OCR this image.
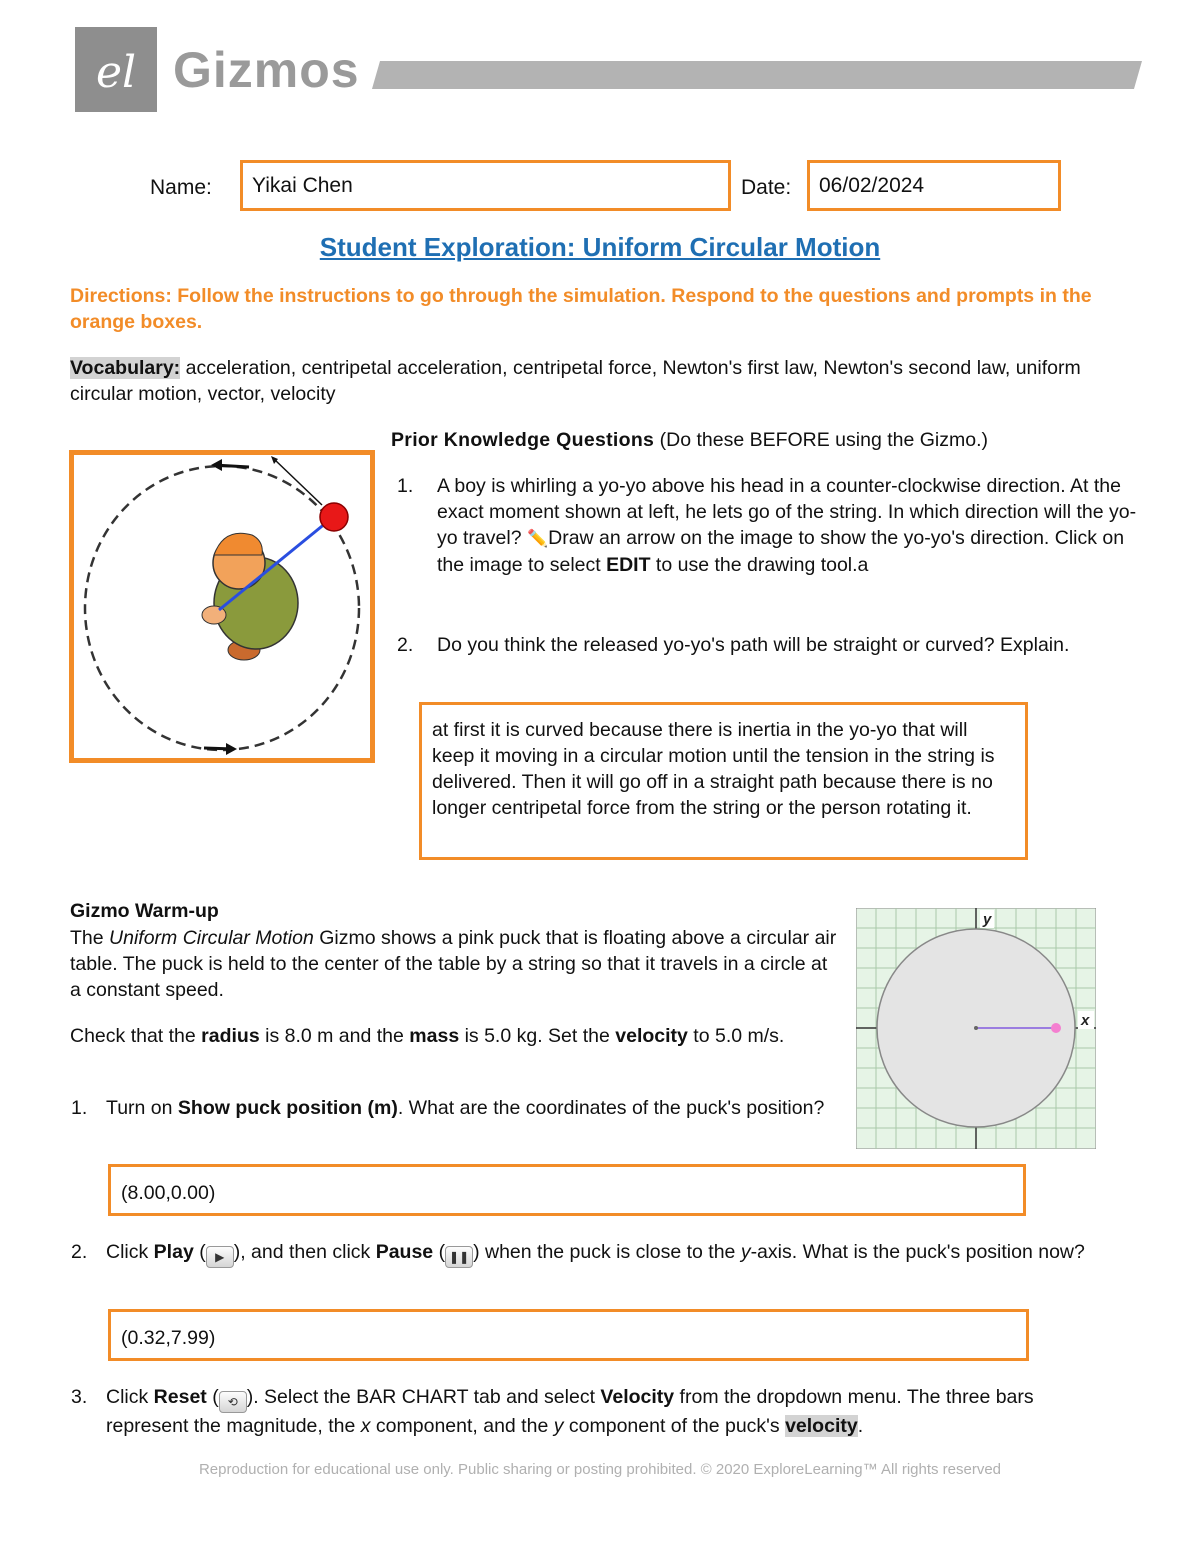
el Gizmos
Name:	Yikai Chen	Date:	06/02/2024
Student Exploration: Uniform Circular Motion
Directions: Follow the instructions to go through the simulation. Respond to the questions and prompts in the orange boxes.
Vocabulary: acceleration, centripetal acceleration, centripetal force, Newton's first law, Newton's second law, uniform circular motion, vector, velocity
Prior Knowledge Questions (Do these BEFORE using the Gizmo.)
1. A boy is whirling a yo-yo above his head in a counter-clockwise direction. At the exact moment shown at left, he lets go of the string. In which direction will the yo-yo travel? ✏️Draw an arrow on the image to show the yo-yo's direction. Click on the image to select EDIT to use the drawing tool.a
2. Do you think the released yo-yo's path will be straight or curved? Explain.
at first it is curved because there is inertia in the yo-yo that will keep it moving in a circular motion until the tension in the string is delivered. Then it will go off in a straight path because there is no longer centripetal force from the string or the person rotating it.
Gizmo Warm-up
The Uniform Circular Motion Gizmo shows a pink puck that is floating above a circular air table. The puck is held to the center of the table by a string so that it travels in a circle at a constant speed.
Check that the radius is 8.0 m and the mass is 5.0 kg. Set the velocity to 5.0 m/s.
y
x
1. Turn on Show puck position (m). What are the coordinates of the puck's position?
(8.00,0.00)
2. Click Play ( ▶ ), and then click Pause ( ❚❚ ) when the puck is close to the y-axis. What is the puck's position now?
(0.32,7.99)
3. Click Reset ( ⟲ ). Select the BAR CHART tab and select Velocity from the dropdown menu. The three bars represent the magnitude, the x component, and the y component of the puck's velocity.
Reproduction for educational use only. Public sharing or posting prohibited. © 2020 ExploreLearning™ All rights reserved
